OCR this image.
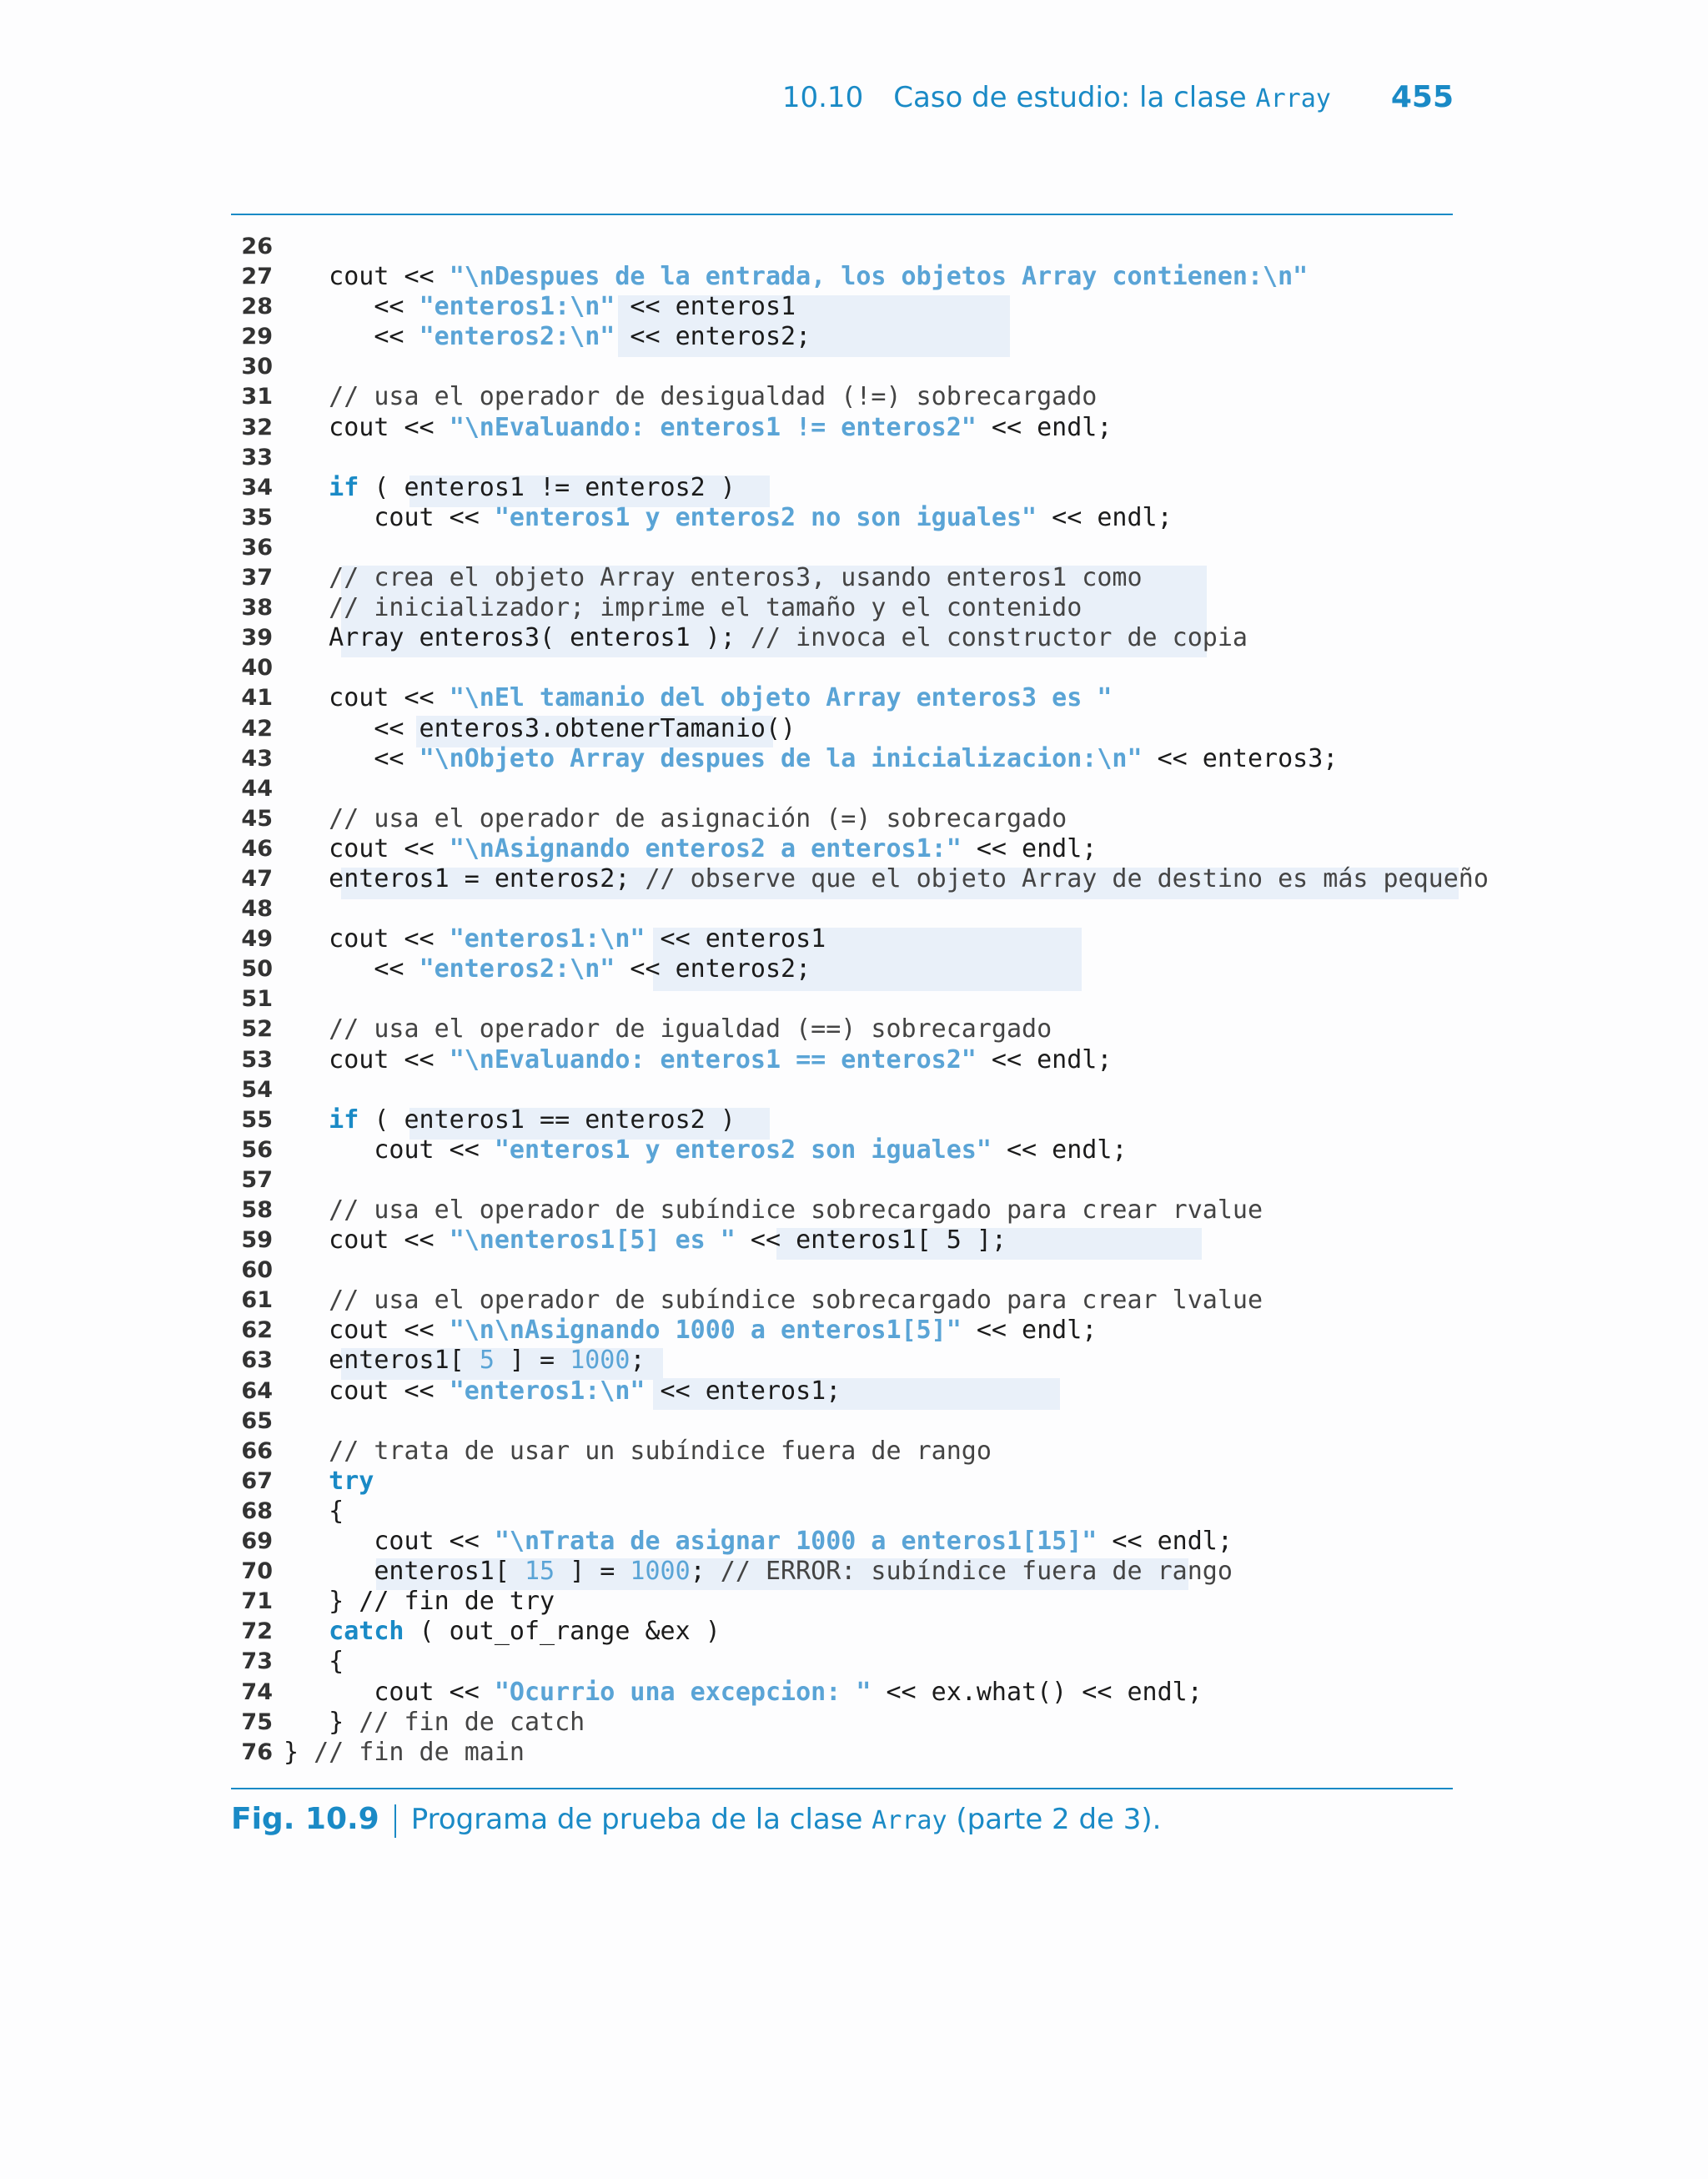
10.10 Caso de estudio: la clase Array 455
26
27 cout << "\nDespues de la entrada, los objetos Array contienen:\n"
28 << "enteros1:\n" << enteros1
29 << "enteros2:\n" << enteros2;
30
31 // usa el operador de desigualdad (!=) sobrecargado
32 cout << "\nEvaluando: enteros1 != enteros2" << endl;
33
34 if ( enteros1 != enteros2 )
35 cout << "enteros1 y enteros2 no son iguales" << endl;
36
37 // crea el objeto Array enteros3, usando enteros1 como
38 // inicializador; imprime el tamaño y el contenido
39 Array enteros3( enteros1 ); // invoca el constructor de copia
40
41 cout << "\nEl tamanio del objeto Array enteros3 es "
42 << enteros3.obtenerTamanio()
43 << "\nObjeto Array despues de la inicializacion:\n" << enteros3;
44
45 // usa el operador de asignación (=) sobrecargado
46 cout << "\nAsignando enteros2 a enteros1:" << endl;
47 enteros1 = enteros2; // observe que el objeto Array de destino es más pequeño
48
49 cout << "enteros1:\n" << enteros1
50 << "enteros2:\n" << enteros2;
51
52 // usa el operador de igualdad (==) sobrecargado
53 cout << "\nEvaluando: enteros1 == enteros2" << endl;
54
55 if ( enteros1 == enteros2 )
56 cout << "enteros1 y enteros2 son iguales" << endl;
57
58 // usa el operador de subíndice sobrecargado para crear rvalue
59 cout << "\nenteros1[5] es " << enteros1[ 5 ];
60
61 // usa el operador de subíndice sobrecargado para crear lvalue
62 cout << "\n\nAsignando 1000 a enteros1[5]" << endl;
63 enteros1[ 5 ] = 1000;
64 cout << "enteros1:\n" << enteros1;
65
66 // trata de usar un subíndice fuera de rango
67 try
68 {
69 cout << "\nTrata de asignar 1000 a enteros1[15]" << endl;
70 enteros1[ 15 ] = 1000; // ERROR: subíndice fuera de rango
71 } // fin de try
72 catch ( out_of_range &ex )
73 {
74 cout << "Ocurrio una excepcion: " << ex.what() << endl;
75 } // fin de catch
76 } // fin de main
Fig. 10.9 Programa de prueba de la clase Array (parte 2 de 3).
